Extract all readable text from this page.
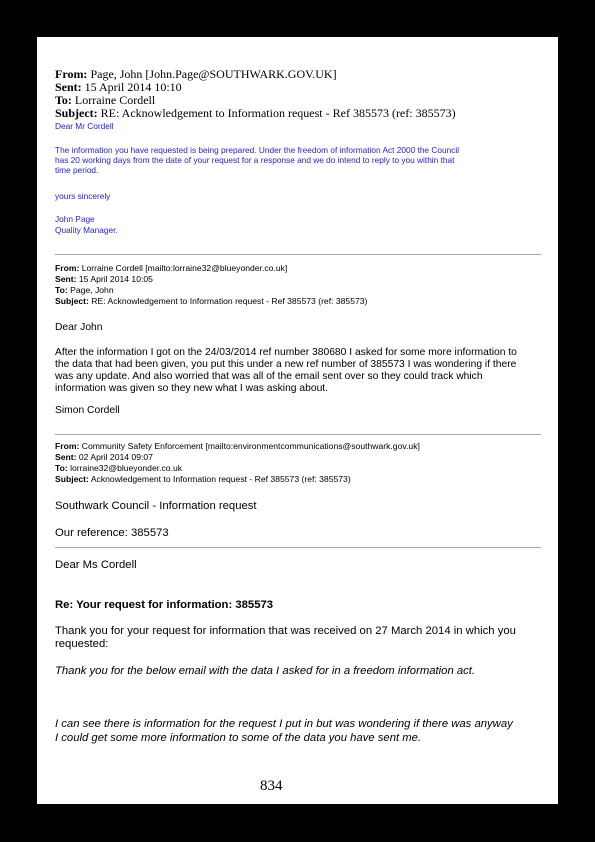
From: Page, John [John.Page@SOUTHWARK.GOV.UK]
Sent: 15 April 2014 10:10
To: Lorraine Cordell
Subject: RE: Acknowledgement to Information request - Ref 385573 (ref: 385573)
Dear Mr Cordell
The information you have requested is being prepared. Under the freedom of information Act 2000 the Council
has 20 working days from the date of your request for a response and we do intend to reply to you within that
time period.
yours sincerely
John Page
Quality Manager.
From: Lorraine Cordell [mailto:lorraine32@blueyonder.co.uk]
Sent: 15 April 2014 10:05
To: Page, John
Subject: RE: Acknowledgement to Information request - Ref 385573 (ref: 385573)
Dear John
After the information I got on the 24/03/2014 ref number 380680 I asked for some more information to
the data that had been given, you put this under a new ref number of 385573 I was wondering if there
was any update. And also worried that was all of the email sent over so they could track which
information was given so they new what I was asking about.
Simon Cordell
From: Community Safety Enforcement [mailto:environmentcommunications@southwark.gov.uk]
Sent: 02 April 2014 09:07
To: lorraine32@blueyonder.co.uk
Subject: Acknowledgement to Information request - Ref 385573 (ref: 385573)
Southwark Council - Information request
Our reference: 385573
Dear Ms Cordell
Re: Your request for information: 385573
Thank you for your request for information that was received on 27 March 2014 in which you
requested:
Thank you for the below email with the data I asked for in a freedom information act.
I can see there is information for the request I put in but was wondering if there was anyway
I could get some more information to some of the data you have sent me.
834
